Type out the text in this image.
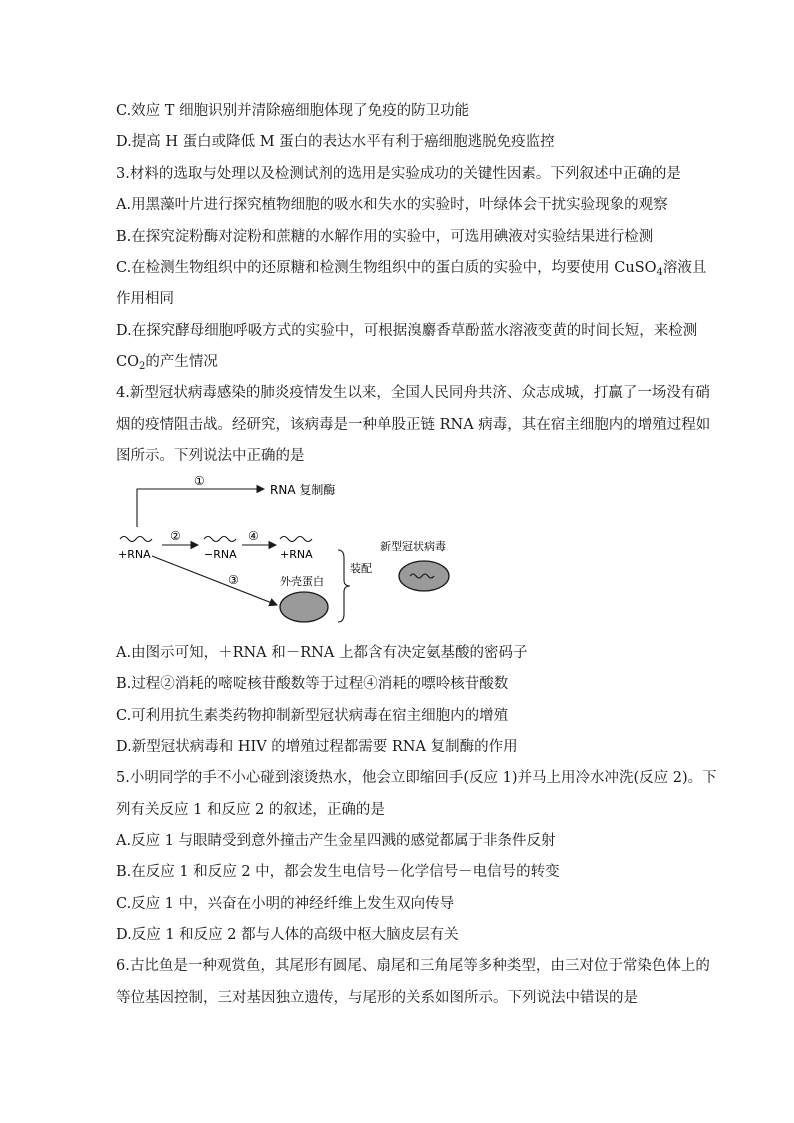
C.效应 T 细胞识别并清除癌细胞体现了免疫的防卫功能
D.提高 H 蛋白或降低 M 蛋白的表达水平有利于癌细胞逃脱免疫监控
3.材料的选取与处理以及检测试剂的选用是实验成功的关键性因素。下列叙述中正确的是
A.用黑藻叶片进行探究植物细胞的吸水和失水的实验时，叶绿体会干扰实验现象的观察
B.在探究淀粉酶对淀粉和蔗糖的水解作用的实验中，可选用碘液对实验结果进行检测
C.在检测生物组织中的还原糖和检测生物组织中的蛋白质的实验中，均要使用 CuSO$_4$溶液且
作用相同
D.在探究酵母细胞呼吸方式的实验中，可根据溴麝香草酚蓝水溶液变黄的时间长短，来检测
$CO_2$的产生情况
4.新型冠状病毒感染的肺炎疫情发生以来，全国人民同舟共济、众志成城，打赢了一场没有硝
烟的疫情阻击战。经研究，该病毒是一种单股正链 RNA 病毒，其在宿主细胞内的增殖过程如
图所示。下列说法中正确的是
①
RNA 复制酶
+RNA
②
−RNA
④
+RNA
③	外壳蛋白
装配
新型冠状病毒
A.由图示可知，＋RNA 和－RNA 上都含有决定氨基酸的密码子
B.过程②消耗的嘧啶核苷酸数等于过程④消耗的嘌呤核苷酸数
C.可利用抗生素类药物抑制新型冠状病毒在宿主细胞内的增殖
D.新型冠状病毒和 HIV 的增殖过程都需要 RNA 复制酶的作用
5.小明同学的手不小心碰到滚烫热水，他会立即缩回手(反应 1)并马上用冷水冲洗(反应 2)。下
列有关反应 1 和反应 2 的叙述，正确的是
A.反应 1 与眼睛受到意外撞击产生金星四溅的感觉都属于非条件反射
B.在反应 1 和反应 2 中，都会发生电信号－化学信号－电信号的转变
C.反应 1 中，兴奋在小明的神经纤维上发生双向传导
D.反应 1 和反应 2 都与人体的高级中枢大脑皮层有关
6.古比鱼是一种观赏鱼，其尾形有圆尾、扇尾和三角尾等多种类型，由三对位于常染色体上的
等位基因控制，三对基因独立遗传，与尾形的关系如图所示。下列说法中错误的是
